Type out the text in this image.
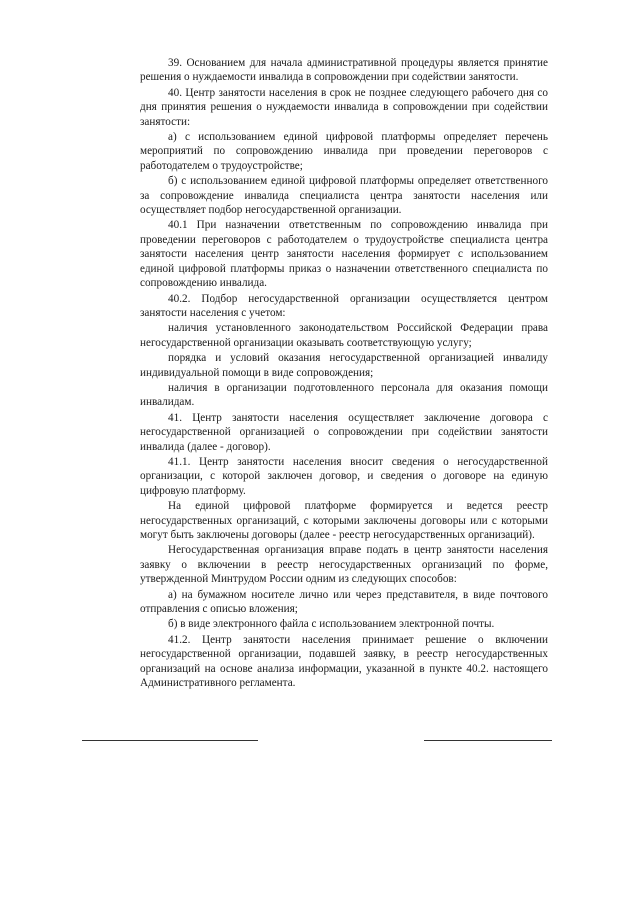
39. Основанием для начала административной процедуры является принятие решения о нуждаемости инвалида в сопровождении при содействии занятости.

40. Центр занятости населения в срок не позднее следующего рабочего дня со дня принятия решения о нуждаемости инвалида в сопровождении при содействии занятости:

а) с использованием единой цифровой платформы определяет перечень мероприятий по сопровождению инвалида при проведении переговоров с работодателем о трудоустройстве;

б) с использованием единой цифровой платформы определяет ответственного за сопровождение инвалида специалиста центра занятости населения или осуществляет подбор негосударственной организации.

40.1 При назначении ответственным по сопровождению инвалида при проведении переговоров с работодателем о трудоустройстве специалиста центра занятости населения центр занятости населения формирует с использованием единой цифровой платформы приказ о назначении ответственного специалиста по сопровождению инвалида.

40.2. Подбор негосударственной организации осуществляется центром занятости населения с учетом:

наличия установленного законодательством Российской Федерации права негосударственной организации оказывать соответствующую услугу;

порядка и условий оказания негосударственной организацией инвалиду индивидуальной помощи в виде сопровождения;

наличия в организации подготовленного персонала для оказания помощи инвалидам.

41. Центр занятости населения осуществляет заключение договора с негосударственной организацией о сопровождении при содействии занятости инвалида (далее - договор).

41.1. Центр занятости населения вносит сведения о негосударственной организации, с которой заключен договор, и сведения о договоре на единую цифровую платформу.

На единой цифровой платформе формируется и ведется реестр негосударственных организаций, с которыми заключены договоры или с которыми могут быть заключены договоры (далее - реестр негосударственных организаций).

Негосударственная организация вправе подать в центр занятости населения заявку о включении в реестр негосударственных организаций по форме, утвержденной Минтрудом России одним из следующих способов:

а) на бумажном носителе лично или через представителя, в виде почтового отправления с описью вложения;

б) в виде электронного файла с использованием электронной почты.

41.2. Центр занятости населения принимает решение о включении негосударственной организации, подавшей заявку, в реестр негосударственных организаций на основе анализа информации, указанной в пункте 40.2. настоящего Административного регламента.
